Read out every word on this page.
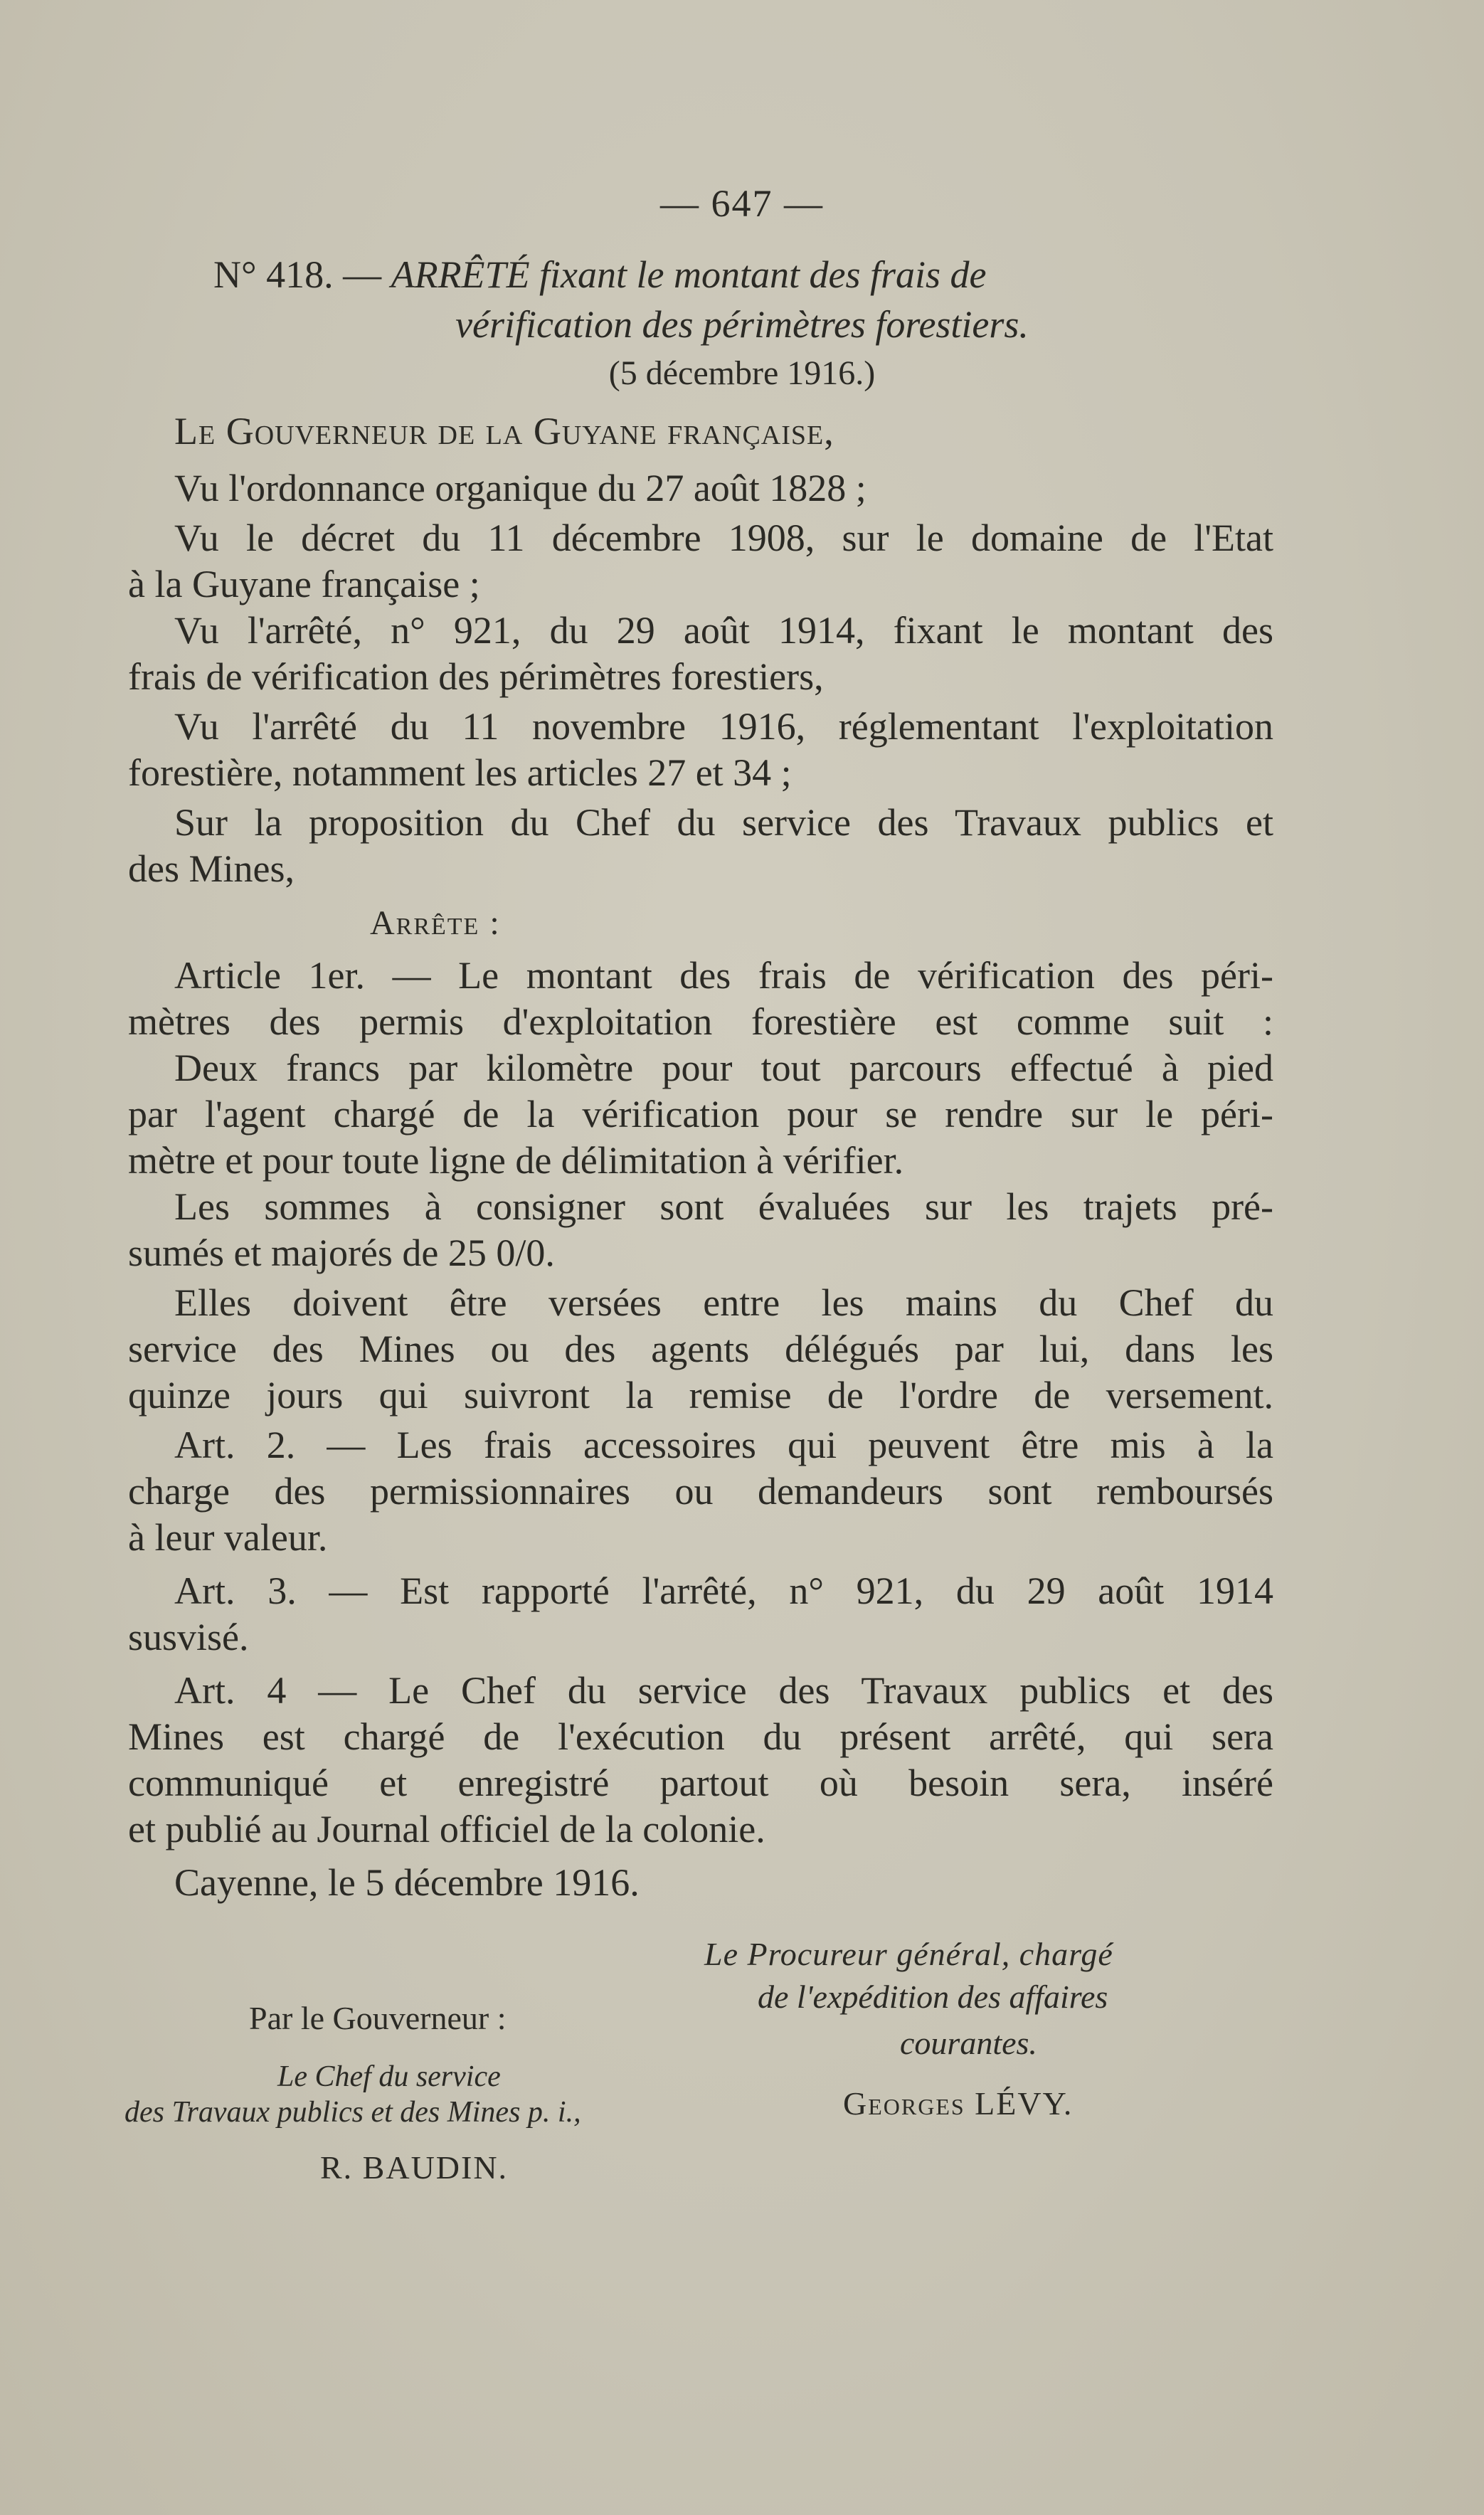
— 647 —
N° 418. — ARRÊTÉ fixant le montant des frais de
vérification des périmètres forestiers.
(5 décembre 1916.)
Le Gouverneur de la Guyane française,
Vu l'ordonnance organique du 27 août 1828 ;
Vu le décret du 11 décembre 1908, sur le domaine de l'Etat
à la Guyane française ;
Vu l'arrêté, n° 921, du 29 août 1914, fixant le montant des
frais de vérification des périmètres forestiers,
Vu l'arrêté du 11 novembre 1916, réglementant l'exploitation
forestière, notamment les articles 27 et 34 ;
Sur la proposition du Chef du service des Travaux publics et
des Mines,
Arrête :
Article 1er. — Le montant des frais de vérification des péri-
mètres des permis d'exploitation forestière est comme suit :
Deux francs par kilomètre pour tout parcours effectué à pied
par l'agent chargé de la vérification pour se rendre sur le péri-
mètre et pour toute ligne de délimitation à vérifier.
Les sommes à consigner sont évaluées sur les trajets pré-
sumés et majorés de 25 0/0.
Elles doivent être versées entre les mains du Chef du
service des Mines ou des agents délégués par lui, dans les
quinze jours qui suivront la remise de l'ordre de versement.
Art. 2. — Les frais accessoires qui peuvent être mis à la
charge des permissionnaires ou demandeurs sont remboursés
à leur valeur.
Art. 3. — Est rapporté l'arrêté, n° 921, du 29 août 1914
susvisé.
Art. 4 — Le Chef du service des Travaux publics et des
Mines est chargé de l'exécution du présent arrêté, qui sera
communiqué et enregistré partout où besoin sera, inséré
et publié au Journal officiel de la colonie.
Cayenne, le 5 décembre 1916.
Par le Gouverneur :
Le Chef du service
des Travaux publics et des Mines p. i.,
R. BAUDIN.
Le Procureur général, chargé
de l'expédition des affaires
courantes.
Georges LÉVY.
